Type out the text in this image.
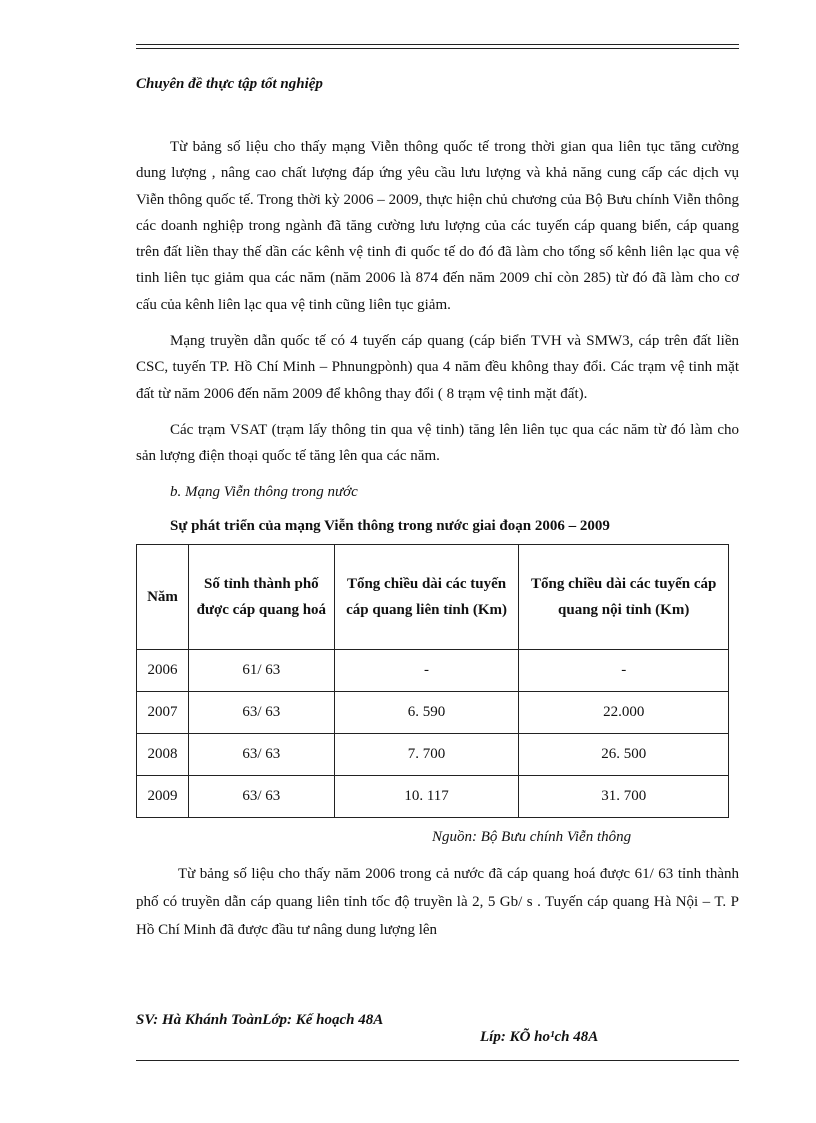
Chuyên đề thực tập tốt nghiệp

Từ bảng số liệu cho thấy mạng Viễn thông quốc tế trong thời gian qua liên tục tăng cường dung lượng , nâng cao chất lượng đáp ứng yêu cầu lưu lượng và khả năng cung cấp các dịch vụ Viễn thông quốc tế. Trong thời kỳ 2006 – 2009, thực hiện chủ chương của Bộ Bưu chính Viễn thông các doanh nghiệp trong ngành đã tăng cường lưu lượng của các tuyến cáp quang biển, cáp quang trên đất liền thay thế dần các kênh vệ tinh đi quốc tế do đó đã làm cho tổng số kênh liên lạc qua vệ tinh liên tục giảm qua các năm (năm 2006 là 874 đến năm 2009 chỉ còn 285) từ đó đã làm cho cơ cấu của kênh liên lạc qua vệ tinh cũng liên tục giảm.

Mạng truyền dẫn quốc tế có 4 tuyến cáp quang (cáp biển TVH và SMW3, cáp trên đất liền CSC, tuyến TP. Hồ Chí Minh – Phnungpònh) qua 4 năm đều không thay đổi. Các trạm vệ tinh mặt đất từ năm 2006 đến năm 2009 để không thay đổi ( 8 trạm vệ tinh mặt đất).

Các trạm VSAT (trạm lấy thông tin qua vệ tinh) tăng lên liên tục qua các năm từ đó làm cho sản lượng điện thoại quốc tế tăng lên qua các năm.

b. Mạng Viễn thông trong nước
Sự phát triển của mạng Viễn thông trong nước giai đoạn 2006 – 2009
Năm	Số tỉnh thành phố được cáp quang hoá	Tổng chiều dài các tuyến cáp quang liên tỉnh (Km)	Tổng chiều dài các tuyến cáp quang nội tỉnh (Km)
2006	61/ 63	-	-
2007	63/ 63	6. 590	22.000
2008	63/ 63	7. 700	26. 500
2009	63/ 63	10. 117	31. 700
Nguồn: Bộ Bưu chính Viễn thông

Từ bảng số liệu cho thấy năm 2006 trong cả nước đã cáp quang hoá được 61/ 63 tỉnh thành phố có truyền dẫn cáp quang liên tỉnh tốc độ truyền là 2, 5 Gb/ s . Tuyến cáp quang Hà Nội – T. P Hồ Chí Minh đã được đầu tư nâng dung lượng lên

SV: Hà Khánh ToànLớp: Kế hoạch 48A
Líp: KÕ ho¹ch 48A
